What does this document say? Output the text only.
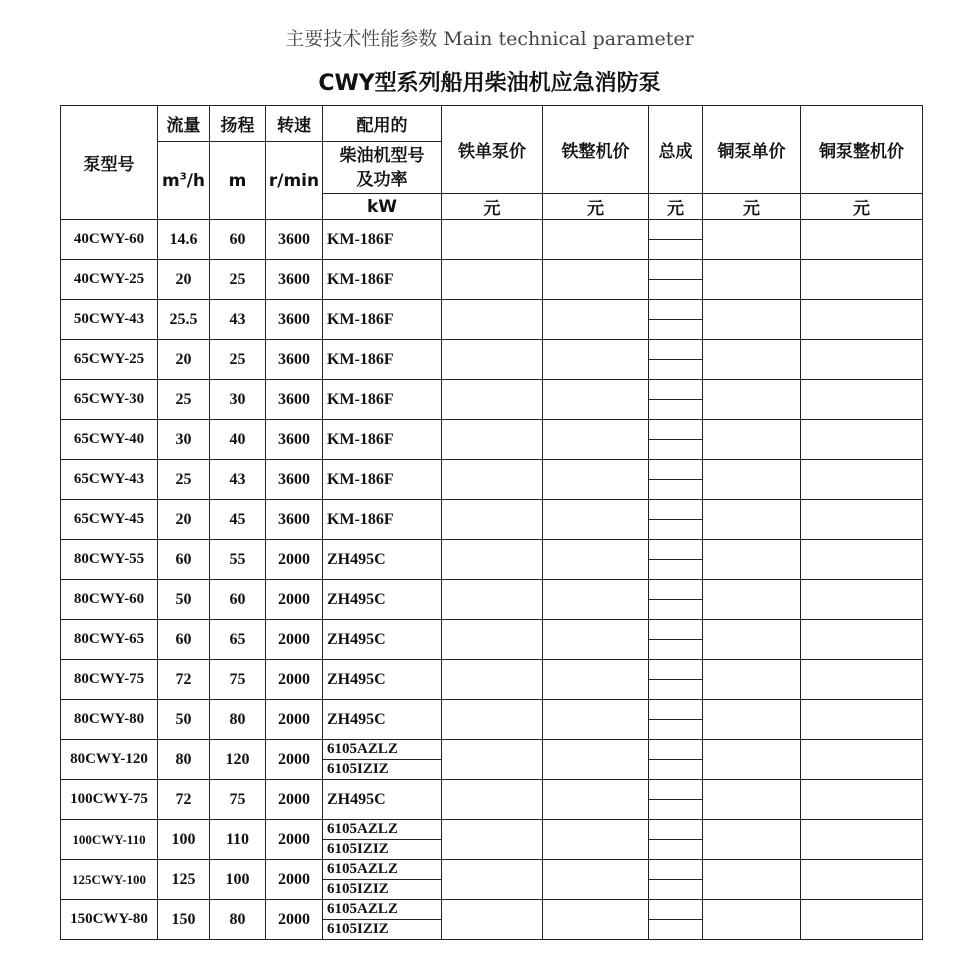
主要技术性能参数 Main technical parameter
CWY型系列船用柴油机应急消防泵
泵型号	流量	扬程	转速	配用的	铁单泵价	铁整机价	总成	铜泵单价	铜泵整机价
	$m^3/h$	m	r/min	柴油机型号
及功率					

				kW	元	元	元	元	元
40CWY-60	14.6	60	3600	KM-186F			

40CWY-25	20	25	3600	KM-186F			

50CWY-43	25.5	43	3600	KM-186F			

65CWY-25	20	25	3600	KM-186F			

65CWY-30	25	30	3600	KM-186F			

65CWY-40	30	40	3600	KM-186F			

65CWY-43	25	43	3600	KM-186F			

65CWY-45	20	45	3600	KM-186F			

80CWY-55	60	55	2000	ZH495C			

80CWY-60	50	60	2000	ZH495C			

80CWY-65	60	65	2000	ZH495C			

80CWY-75	72	75	2000	ZH495C			

80CWY-80	50	80	2000	ZH495C			

80CWY-120	80	120	2000	6105AZLZ
6105IZIZ					

100CWY-75	72	75	2000	ZH495C			

100CWY-110	100	110	2000	6105AZLZ
6105IZIZ					

125CWY-100	125	100	2000	6105AZLZ
6105IZIZ					

150CWY-80	150	80	2000	6105AZLZ
6105IZIZ					
